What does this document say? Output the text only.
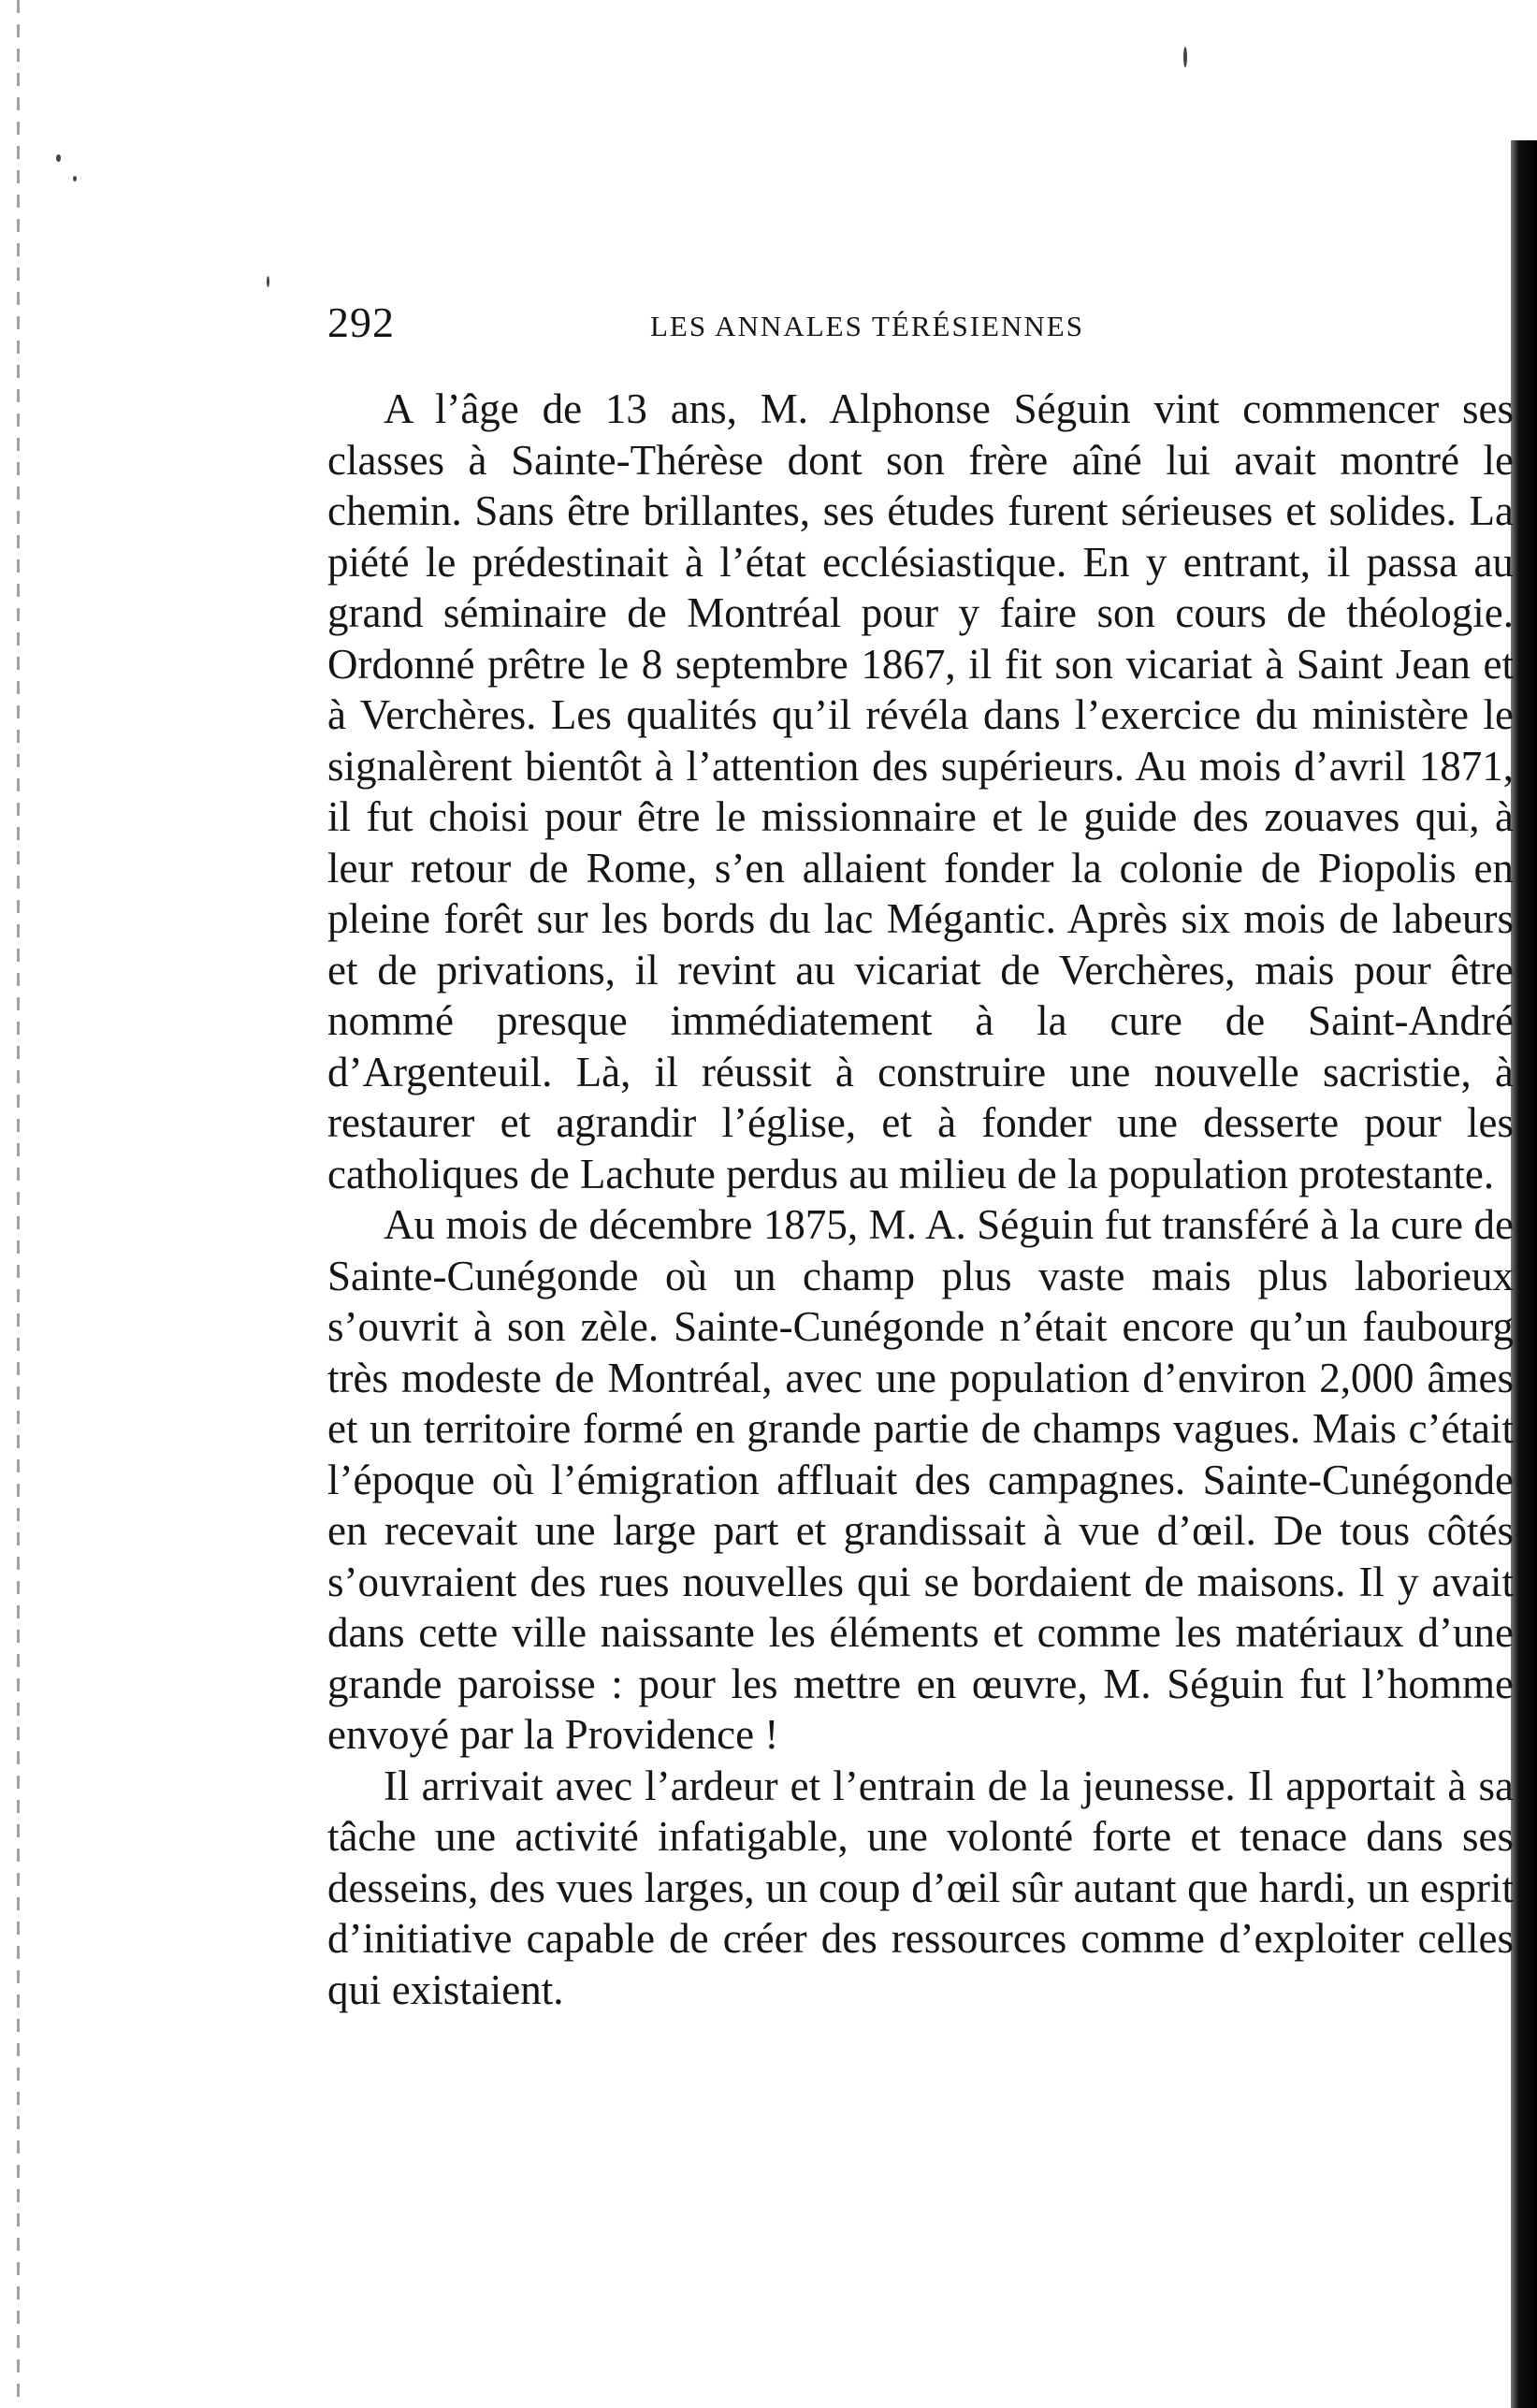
292	LES ANNALES TÉRÉSIENNES

A l’âge de 13 ans, M. Alphonse Séguin vint commencer ses classes à Sainte-Thérèse dont son frère aîné lui avait montré le chemin. Sans être brillantes, ses études furent sérieuses et solides. La piété le prédestinait à l’état ecclésiastique. En y entrant, il passa au grand séminaire de Montréal pour y faire son cours de théologie. Ordonné prêtre le 8 septembre 1867, il fit son vicariat à Saint Jean et à Verchères. Les qualités qu’il révéla dans l’exercice du ministère le signalèrent bientôt à l’attention des supérieurs. Au mois d’avril 1871, il fut choisi pour être le missionnaire et le guide des zouaves qui, à leur retour de Rome, s’en allaient fonder la colonie de Piopolis en pleine forêt sur les bords du lac Mégantic. Après six mois de labeurs et de privations, il revint au vicariat de Verchères, mais pour être nommé presque immédiatement à la cure de Saint-André d’Argenteuil. Là, il réussit à construire une nouvelle sacristie, à restaurer et agrandir l’église, et à fonder une desserte pour les catholiques de Lachute perdus au milieu de la population protestante.

Au mois de décembre 1875, M. A. Séguin fut transféré à la cure de Sainte-Cunégonde où un champ plus vaste mais plus laborieux s’ouvrit à son zèle. Sainte-Cunégonde n’était encore qu’un faubourg très modeste de Montréal, avec une population d’environ 2,000 âmes et un territoire formé en grande partie de champs vagues. Mais c’était l’époque où l’émigration affluait des campagnes. Sainte-Cunégonde en recevait une large part et grandissait à vue d’œil. De tous côtés s’ouvraient des rues nouvelles qui se bordaient de maisons. Il y avait dans cette ville naissante les éléments et comme les matériaux d’une grande paroisse : pour les mettre en œuvre, M. Séguin fut l’homme envoyé par la Providence !

Il arrivait avec l’ardeur et l’entrain de la jeunesse. Il apportait à sa tâche une activité infatigable, une volonté forte et tenace dans ses desseins, des vues larges, un coup d’œil sûr autant que hardi, un esprit d’initiative capable de créer des ressources comme d’exploiter celles qui existaient.
